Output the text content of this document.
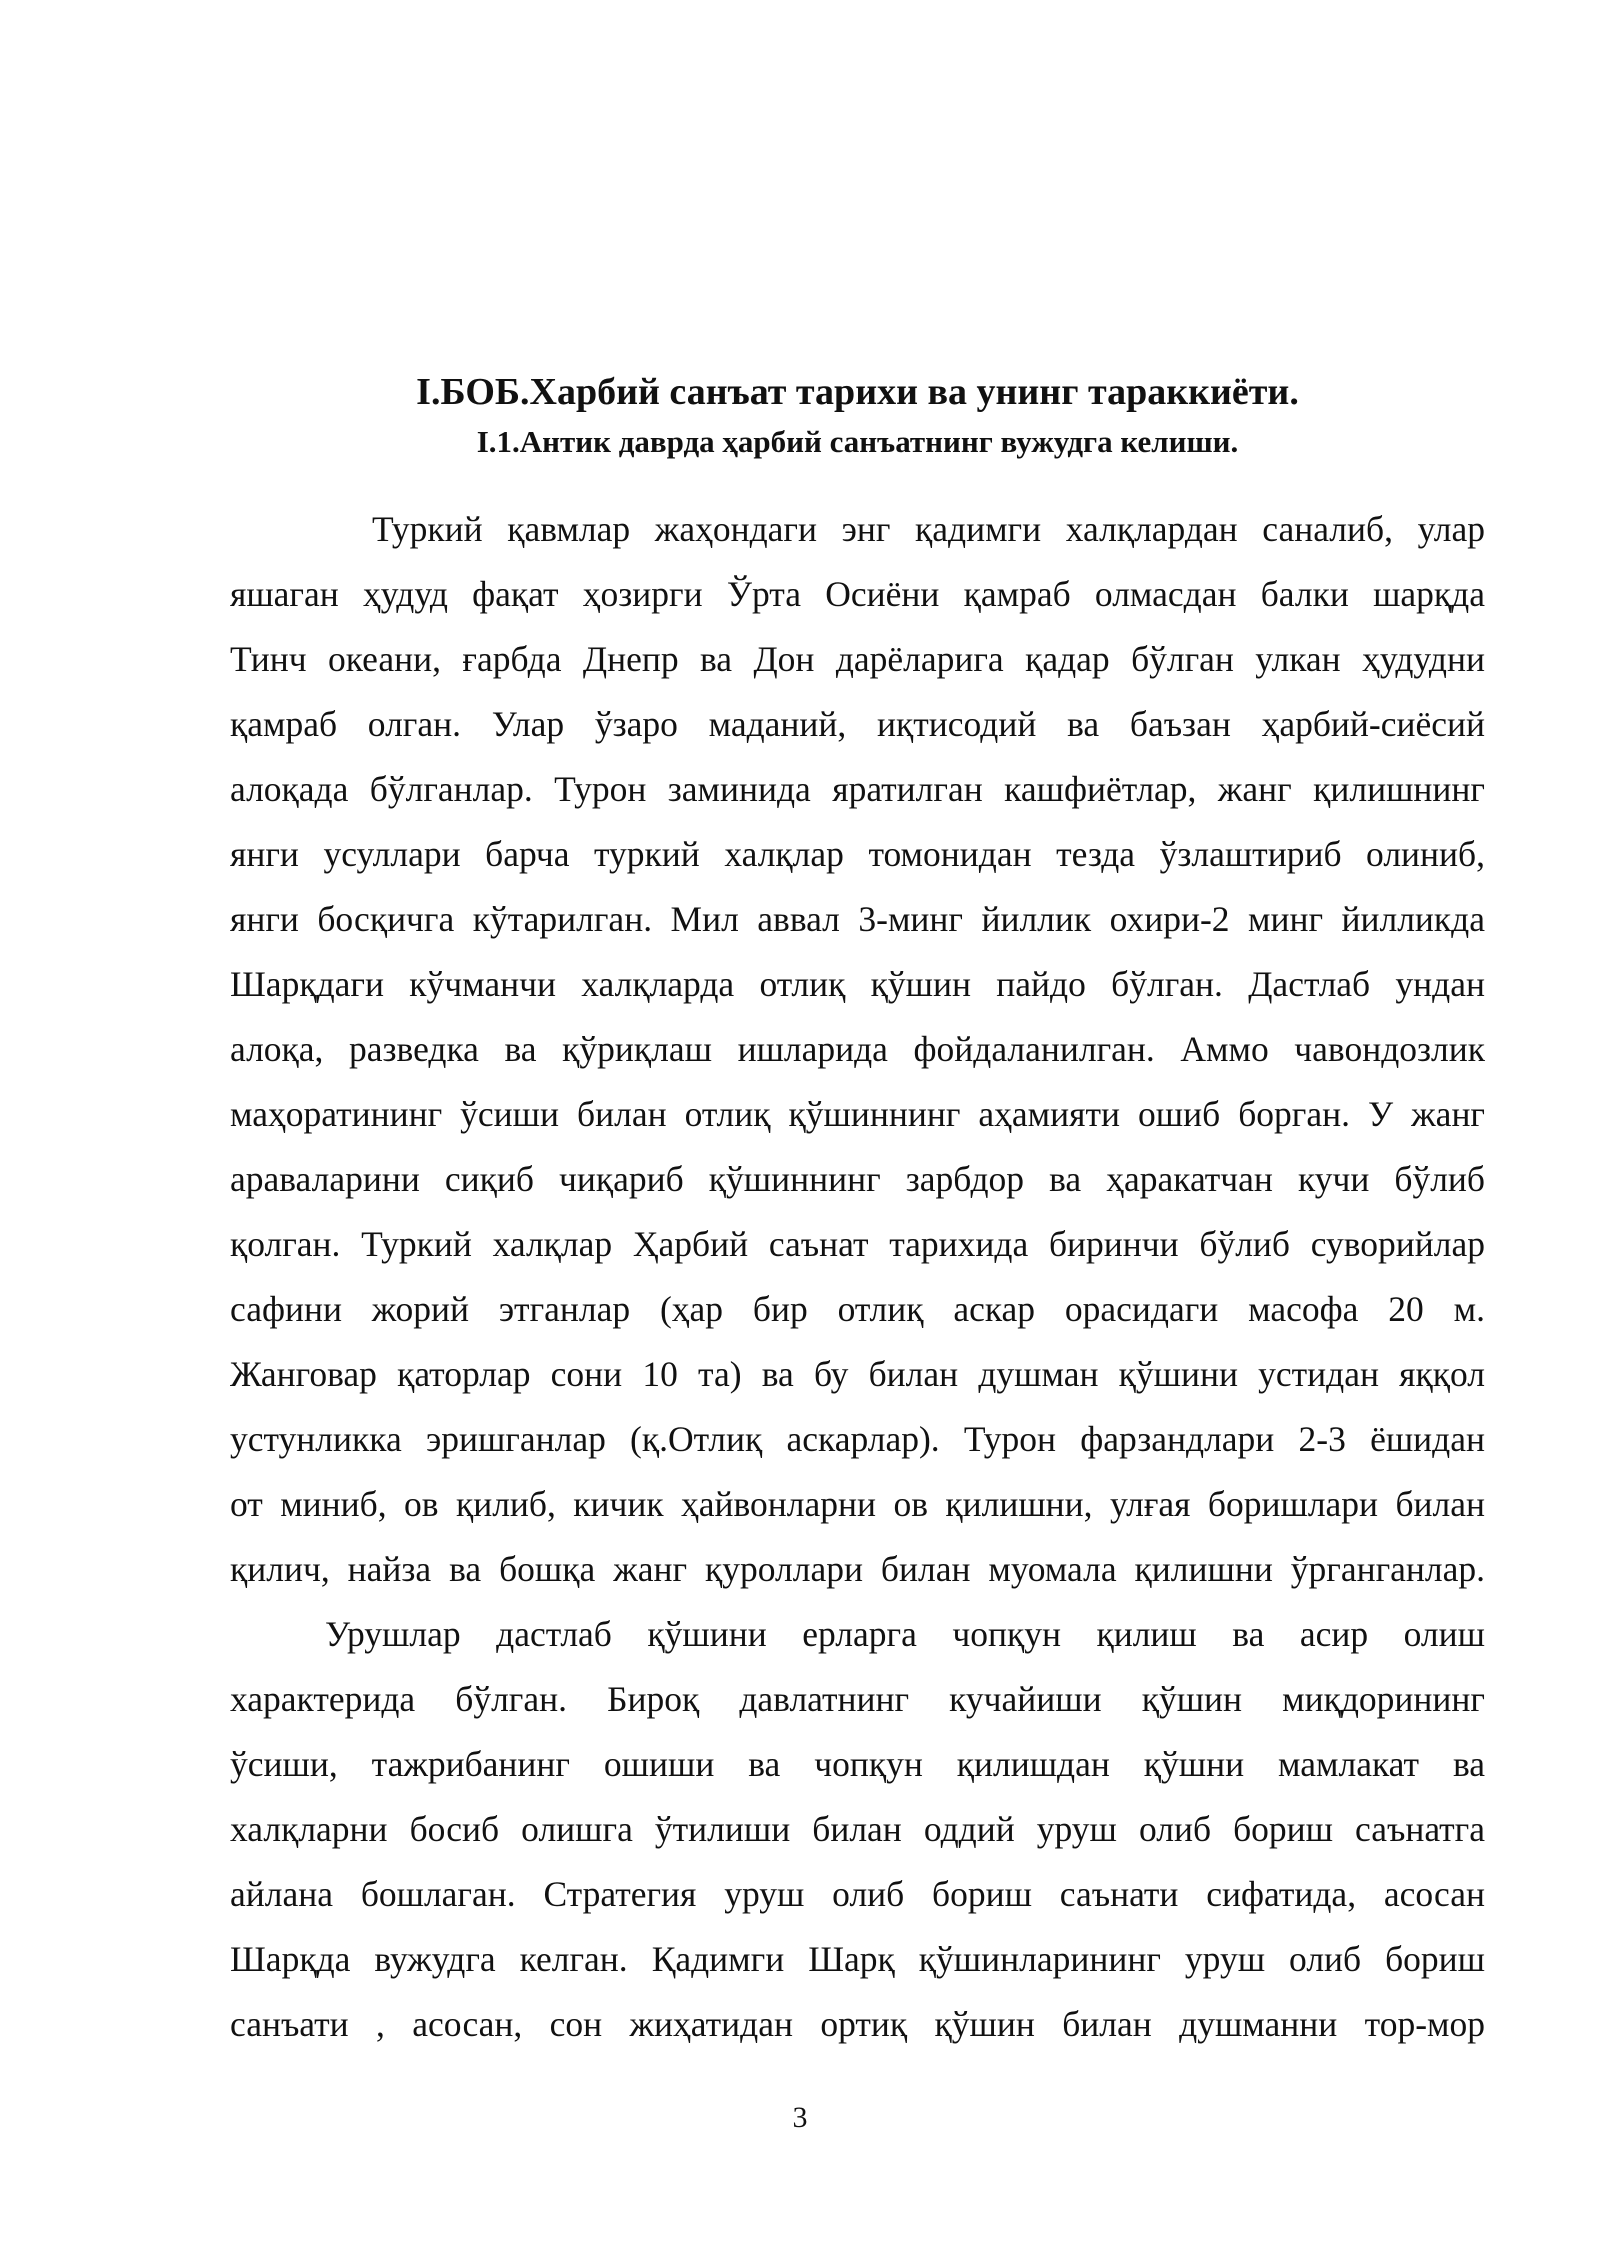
I.БОБ.Харбий санъат тарихи ва унинг тараккиёти.
I.1.Антик даврда ҳарбий санъатнинг вужудга келиши.
Туркий қавмлар жаҳондаги энг қадимги халқлардан саналиб, улар
яшаган ҳудуд фақат ҳозирги Ўрта Осиёни қамраб олмасдан балки шарқда
Тинч океани, ғарбда Днепр ва Дон дарёларига қадар бўлган улкан ҳудудни
қамраб олган. Улар ўзаро маданий, иқтисодий ва баъзан ҳарбий-сиёсий
алоқада бўлганлар. Турон заминида яратилган кашфиётлар, жанг қилишнинг
янги усуллари барча туркий халқлар томонидан тезда ўзлаштириб олиниб,
янги босқичга кўтарилган. Мил аввал 3-минг йиллик охири-2 минг йилликда
Шарқдаги кўчманчи халқларда отлиқ қўшин пайдо бўлган. Дастлаб ундан
алоқа, разведка ва қўриқлаш ишларида фойдаланилган. Аммо чавондозлик
маҳоратининг ўсиши билан отлиқ қўшиннинг аҳамияти ошиб борган. У жанг
араваларини сиқиб чиқариб қўшиннинг зарбдор ва ҳаракатчан кучи бўлиб
қолган. Туркий халқлар Ҳарбий саънат тарихида биринчи бўлиб суворийлар
сафини жорий этганлар (ҳар бир отлиқ аскар орасидаги масофа 20 м.
Жанговар қаторлар сони 10 та) ва бу билан душман қўшини устидан яққол
устунликка эришганлар (қ.Отлиқ аскарлар). Турон фарзандлари 2-3 ёшидан
от миниб, ов қилиб, кичик ҳайвонларни ов қилишни, улғая боришлари билан
қилич, найза ва бошқа жанг қуроллари билан муомала қилишни ўрганганлар.
Урушлар дастлаб қўшини ерларга чопқун қилиш ва асир олиш
характерида бўлган. Бироқ давлатнинг кучайиши қўшин миқдорининг
ўсиши, тажрибанинг ошиши ва чопқун қилишдан қўшни мамлакат ва
халқларни босиб олишга ўтилиши билан оддий уруш олиб бориш саънатга
айлана бошлаган. Стратегия уруш олиб бориш саънати сифатида, асосан
Шарқда вужудга келган. Қадимги Шарқ қўшинларининг уруш олиб бориш
санъати , асосан, сон жиҳатидан ортиқ қўшин билан душманни тор-мор
3
